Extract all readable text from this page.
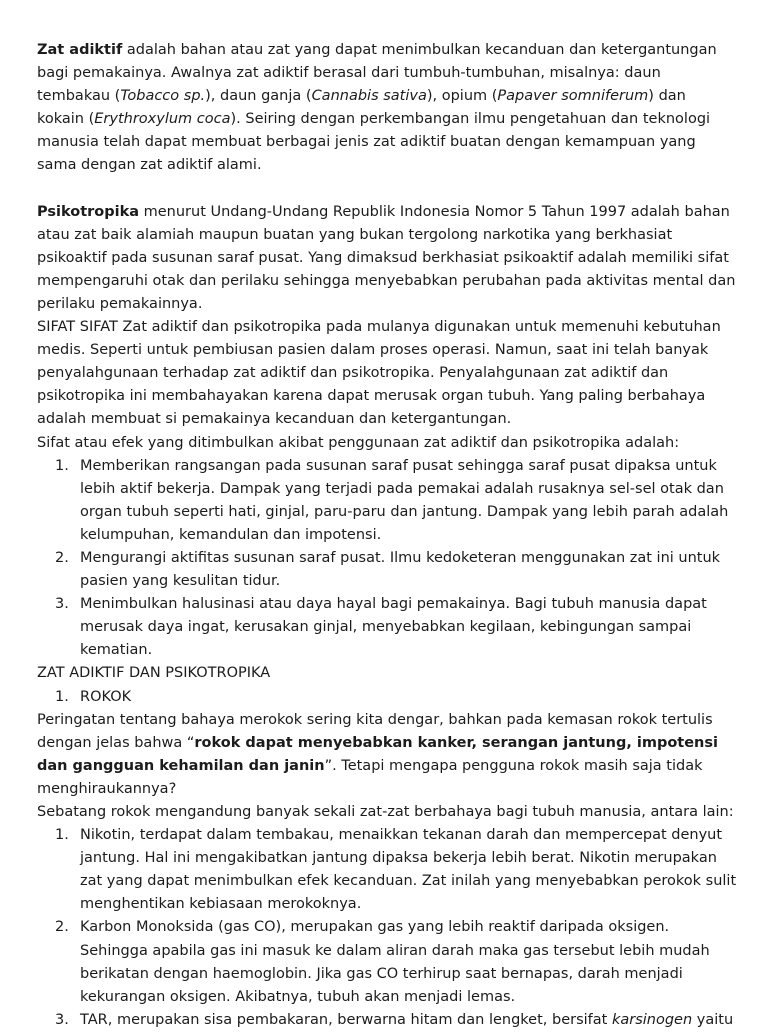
Zat adiktif adalah bahan atau zat yang dapat menimbulkan kecanduan dan ketergantungan bagi pemakainya. Awalnya zat adiktif berasal dari tumbuh-tumbuhan, misalnya: daun tembakau (Tobacco sp.), daun ganja (Cannabis sativa), opium (Papaver somniferum) dan kokain (Erythroxylum coca). Seiring dengan perkembangan ilmu pengetahuan dan teknologi manusia telah dapat membuat berbagai jenis zat adiktif buatan dengan kemampuan yang sama dengan zat adiktif alami.

Psikotropika menurut Undang-Undang Republik Indonesia Nomor 5 Tahun 1997 adalah bahan atau zat baik alamiah maupun buatan yang bukan tergolong narkotika yang berkhasiat psikoaktif pada susunan saraf pusat. Yang dimaksud berkhasiat psikoaktif adalah memiliki sifat mempengaruhi otak dan perilaku sehingga menyebabkan perubahan pada aktivitas mental dan perilaku pemakainnya.

SIFAT SIFAT Zat adiktif dan psikotropika pada mulanya digunakan untuk memenuhi kebutuhan medis. Seperti untuk pembiusan pasien dalam proses operasi. Namun, saat ini telah banyak penyalahgunaan terhadap zat adiktif dan psikotropika. Penyalahgunaan zat adiktif dan psikotropika ini membahayakan karena dapat merusak organ tubuh. Yang paling berbahaya adalah membuat si pemakainya kecanduan dan ketergantungan.

Sifat atau efek yang ditimbulkan akibat penggunaan zat adiktif dan psikotropika adalah:

1. Memberikan rangsangan pada susunan saraf pusat sehingga saraf pusat dipaksa untuk lebih aktif bekerja. Dampak yang terjadi pada pemakai adalah rusaknya sel-sel otak dan organ tubuh seperti hati, ginjal, paru-paru dan jantung. Dampak yang lebih parah adalah kelumpuhan, kemandulan dan impotensi.
2. Mengurangi aktifitas susunan saraf pusat. Ilmu kedoketeran menggunakan zat ini untuk pasien yang kesulitan tidur.
3. Menimbulkan halusinasi atau daya hayal bagi pemakainya. Bagi tubuh manusia dapat merusak daya ingat, kerusakan ginjal, menyebabkan kegilaan, kebingungan sampai kematian.

ZAT ADIKTIF DAN PSIKOTROPIKA

1. ROKOK

Peringatan tentang bahaya merokok sering kita dengar, bahkan pada kemasan rokok tertulis dengan jelas bahwa “rokok dapat menyebabkan kanker, serangan jantung, impotensi dan gangguan kehamilan dan janin”. Tetapi mengapa pengguna rokok masih saja tidak menghiraukannya?

Sebatang rokok mengandung banyak sekali zat-zat berbahaya bagi tubuh manusia, antara lain:

1. Nikotin, terdapat dalam tembakau, menaikkan tekanan darah dan mempercepat denyut jantung. Hal ini mengakibatkan jantung dipaksa bekerja lebih berat. Nikotin merupakan zat yang dapat menimbulkan efek kecanduan. Zat inilah yang menyebabkan perokok sulit menghentikan kebiasaan merokoknya.
2. Karbon Monoksida (gas CO), merupakan gas yang lebih reaktif daripada oksigen. Sehingga apabila gas ini masuk ke dalam aliran darah maka gas tersebut lebih mudah berikatan dengan haemoglobin. Jika gas CO terhirup saat bernapas, darah menjadi kekurangan oksigen. Akibatnya, tubuh akan menjadi lemas.
3. TAR, merupakan sisa pembakaran, berwarna hitam dan lengket, bersifat karsinogen yaitu
